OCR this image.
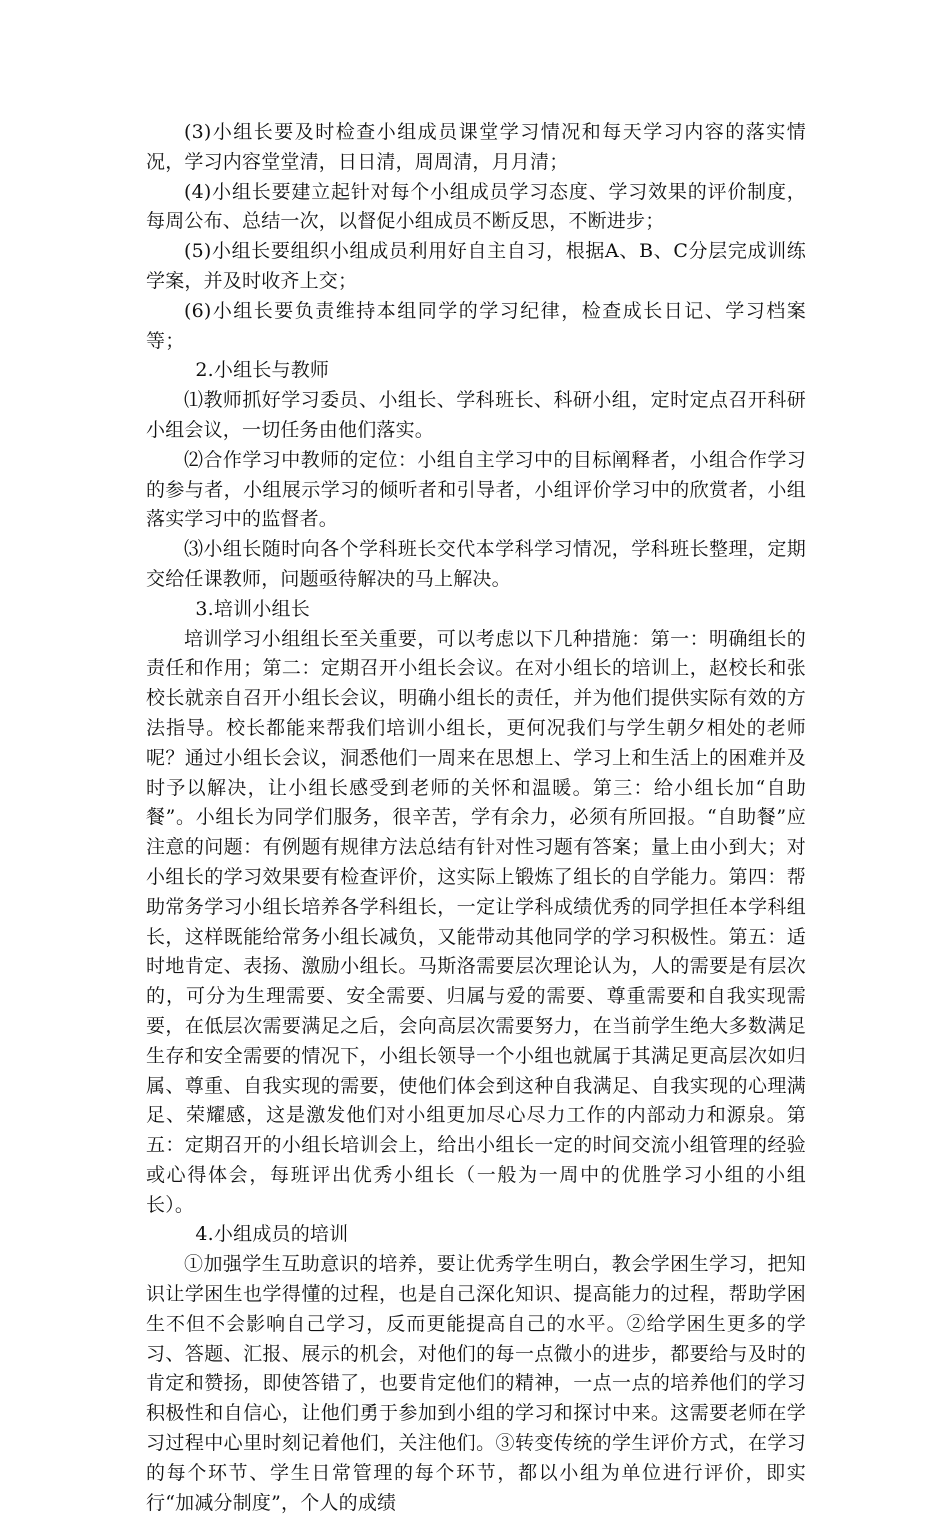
(3)小组长要及时检查小组成员课堂学习情况和每天学习内容的落实情况，学习内容堂堂清，日日清，周周清，月月清；

(4)小组长要建立起针对每个小组成员学习态度、学习效果的评价制度，每周公布、总结一次，以督促小组成员不断反思，不断进步；

(5)小组长要组织小组成员利用好自主自习，根据A、B、C分层完成训练学案，并及时收齐上交；

(6)小组长要负责维持本组同学的学习纪律，检查成长日记、学习档案等；

2.小组长与教师

⑴教师抓好学习委员、小组长、学科班长、科研小组，定时定点召开科研小组会议，一切任务由他们落实。

⑵合作学习中教师的定位：小组自主学习中的目标阐释者，小组合作学习的参与者，小组展示学习的倾听者和引导者，小组评价学习中的欣赏者，小组落实学习中的监督者。

⑶小组长随时向各个学科班长交代本学科学习情况，学科班长整理，定期交给任课教师，问题亟待解决的马上解决。

3.培训小组长

培训学习小组组长至关重要，可以考虑以下几种措施：第一：明确组长的责任和作用；第二：定期召开小组长会议。在对小组长的培训上，赵校长和张校长就亲自召开小组长会议，明确小组长的责任，并为他们提供实际有效的方法指导。校长都能来帮我们培训小组长，更何况我们与学生朝夕相处的老师呢？通过小组长会议，洞悉他们一周来在思想上、学习上和生活上的困难并及时予以解决，让小组长感受到老师的关怀和温暖。第三：给小组长加“自助餐”。小组长为同学们服务，很辛苦，学有余力，必须有所回报。“自助餐”应注意的问题：有例题有规律方法总结有针对性习题有答案；量上由小到大；对小组长的学习效果要有检查评价，这实际上锻炼了组长的自学能力。第四：帮助常务学习小组长培养各学科组长，一定让学科成绩优秀的同学担任本学科组长，这样既能给常务小组长减负，又能带动其他同学的学习积极性。第五：适时地肯定、表扬、激励小组长。马斯洛需要层次理论认为，人的需要是有层次的，可分为生理需要、安全需要、归属与爱的需要、尊重需要和自我实现需要，在低层次需要满足之后，会向高层次需要努力，在当前学生绝大多数满足生存和安全需要的情况下，小组长领导一个小组也就属于其满足更高层次如归属、尊重、自我实现的需要，使他们体会到这种自我满足、自我实现的心理满足、荣耀感，这是激发他们对小组更加尽心尽力工作的内部动力和源泉。第五：定期召开的小组长培训会上，给出小组长一定的时间交流小组管理的经验或心得体会，每班评出优秀小组长（一般为一周中的优胜学习小组的小组长）。

4.小组成员的培训

①加强学生互助意识的培养，要让优秀学生明白，教会学困生学习，把知识让学困生也学得懂的过程，也是自己深化知识、提高能力的过程，帮助学困生不但不会影响自己学习，反而更能提高自己的水平。②给学困生更多的学习、答题、汇报、展示的机会，对他们的每一点微小的进步，都要给与及时的肯定和赞扬，即使答错了，也要肯定他们的精神，一点一点的培养他们的学习积极性和自信心，让他们勇于参加到小组的学习和探讨中来。这需要老师在学习过程中心里时刻记着他们，关注他们。③转变传统的学生评价方式，在学习的每个环节、学生日常管理的每个环节，都以小组为单位进行评价，即实行“加减分制度”，个人的成绩
